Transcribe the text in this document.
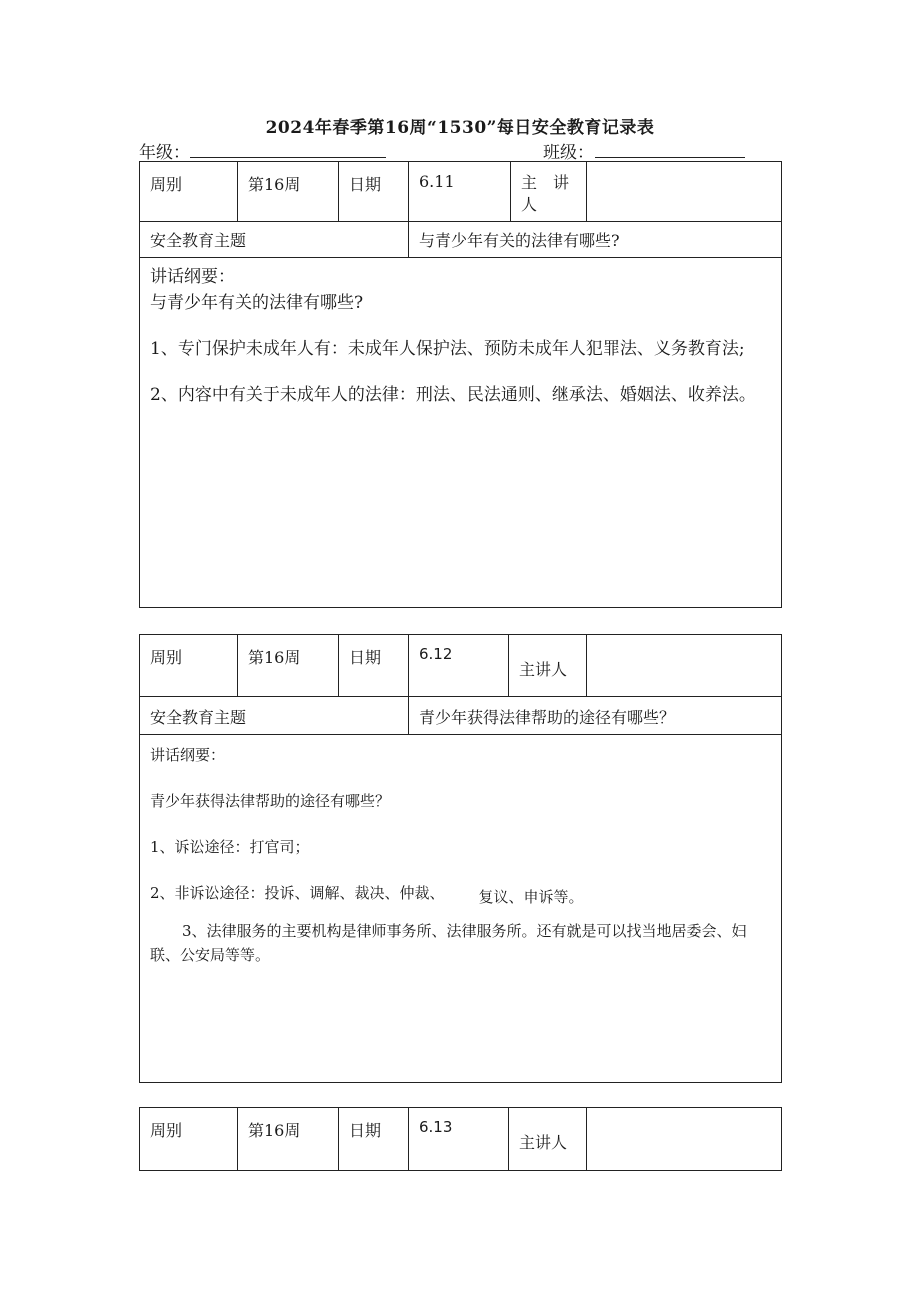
2024年春季第16周“1530”每日安全教育记录表
年级：	班级：
周别	第16周	日期	6.11	主　讲
人	
安全教育主题			与青少年有关的法律有哪些?		

讲话纲要：

与青少年有关的法律有哪些?

1、专门保护未成年人有：未成年人保护法、预防未成年人犯罪法、义务教育法;

2、内容中有关于未成年人的法律：刑法、民法通则、继承法、婚姻法、收养法。					

周别	第16周	日期	6.12	主讲人	
安全教育主题			青少年获得法律帮助的途径有哪些？		

讲话纲要：

青少年获得法律帮助的途径有哪些？

1、诉讼途径：打官司；

2、非诉讼途径：投诉、调解、裁决、仲裁、 复议、申诉等。

3、法律服务的主要机构是律师事务所、法律服务所。还有就是可以找当地居委会、妇联、公安局等等。					

周别	第16周	日期	6.13	主讲人	
